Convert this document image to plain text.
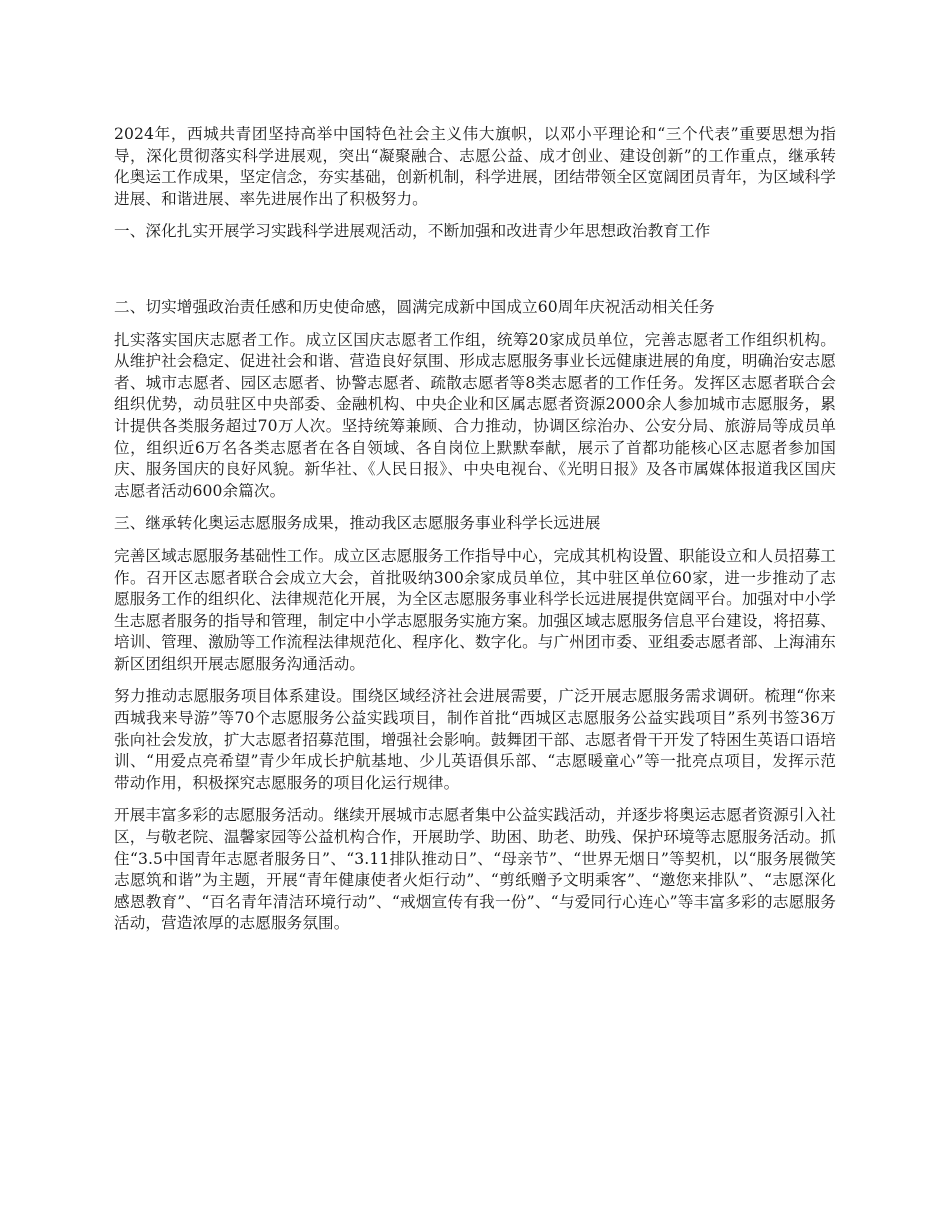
2024年，西城共青团坚持高举中国特色社会主义伟大旗帜，以邓小平理论和“三个代表”重要思想为指导，深化贯彻落实科学进展观，突出“凝聚融合、志愿公益、成才创业、建设创新”的工作重点，继承转化奥运工作成果，坚定信念，夯实基础，创新机制，科学进展，团结带领全区宽阔团员青年，为区域科学进展、和谐进展、率先进展作出了积极努力。

一、深化扎实开展学习实践科学进展观活动，不断加强和改进青少年思想政治教育工作

二、切实增强政治责任感和历史使命感，圆满完成新中国成立60周年庆祝活动相关任务

扎实落实国庆志愿者工作。成立区国庆志愿者工作组，统筹20家成员单位，完善志愿者工作组织机构。从维护社会稳定、促进社会和谐、营造良好氛围、形成志愿服务事业长远健康进展的角度，明确治安志愿者、城市志愿者、园区志愿者、协警志愿者、疏散志愿者等8类志愿者的工作任务。发挥区志愿者联合会组织优势，动员驻区中央部委、金融机构、中央企业和区属志愿者资源2000余人参加城市志愿服务，累计提供各类服务超过70万人次。坚持统筹兼顾、合力推动，协调区综治办、公安分局、旅游局等成员单位，组织近6万名各类志愿者在各自领域、各自岗位上默默奉献，展示了首都功能核心区志愿者参加国庆、服务国庆的良好风貌。新华社、《人民日报》、中央电视台、《光明日报》及各市属媒体报道我区国庆志愿者活动600余篇次。

三、继承转化奥运志愿服务成果，推动我区志愿服务事业科学长远进展

完善区域志愿服务基础性工作。成立区志愿服务工作指导中心，完成其机构设置、职能设立和人员招募工作。召开区志愿者联合会成立大会，首批吸纳300余家成员单位，其中驻区单位60家，进一步推动了志愿服务工作的组织化、法律规范化开展，为全区志愿服务事业科学长远进展提供宽阔平台。加强对中小学生志愿者服务的指导和管理，制定中小学志愿服务实施方案。加强区域志愿服务信息平台建设，将招募、培训、管理、激励等工作流程法律规范化、程序化、数字化。与广州团市委、亚组委志愿者部、上海浦东新区团组织开展志愿服务沟通活动。

努力推动志愿服务项目体系建设。围绕区域经济社会进展需要，广泛开展志愿服务需求调研。梳理“你来西城我来导游”等70个志愿服务公益实践项目，制作首批“西城区志愿服务公益实践项目”系列书签36万张向社会发放，扩大志愿者招募范围，增强社会影响。鼓舞团干部、志愿者骨干开发了特困生英语口语培训、“用爱点亮希望”青少年成长护航基地、少儿英语俱乐部、“志愿暖童心”等一批亮点项目，发挥示范带动作用，积极探究志愿服务的项目化运行规律。

开展丰富多彩的志愿服务活动。继续开展城市志愿者集中公益实践活动，并逐步将奥运志愿者资源引入社区，与敬老院、温馨家园等公益机构合作，开展助学、助困、助老、助残、保护环境等志愿服务活动。抓住“3.5中国青年志愿者服务日”、“3.11排队推动日”、“母亲节”、“世界无烟日”等契机，以“服务展微笑志愿筑和谐”为主题，开展“青年健康使者火炬行动”、“剪纸赠予文明乘客”、“邀您来排队”、“志愿深化感恩教育”、“百名青年清洁环境行动”、“戒烟宣传有我一份”、“与爱同行心连心”等丰富多彩的志愿服务活动，营造浓厚的志愿服务氛围。
